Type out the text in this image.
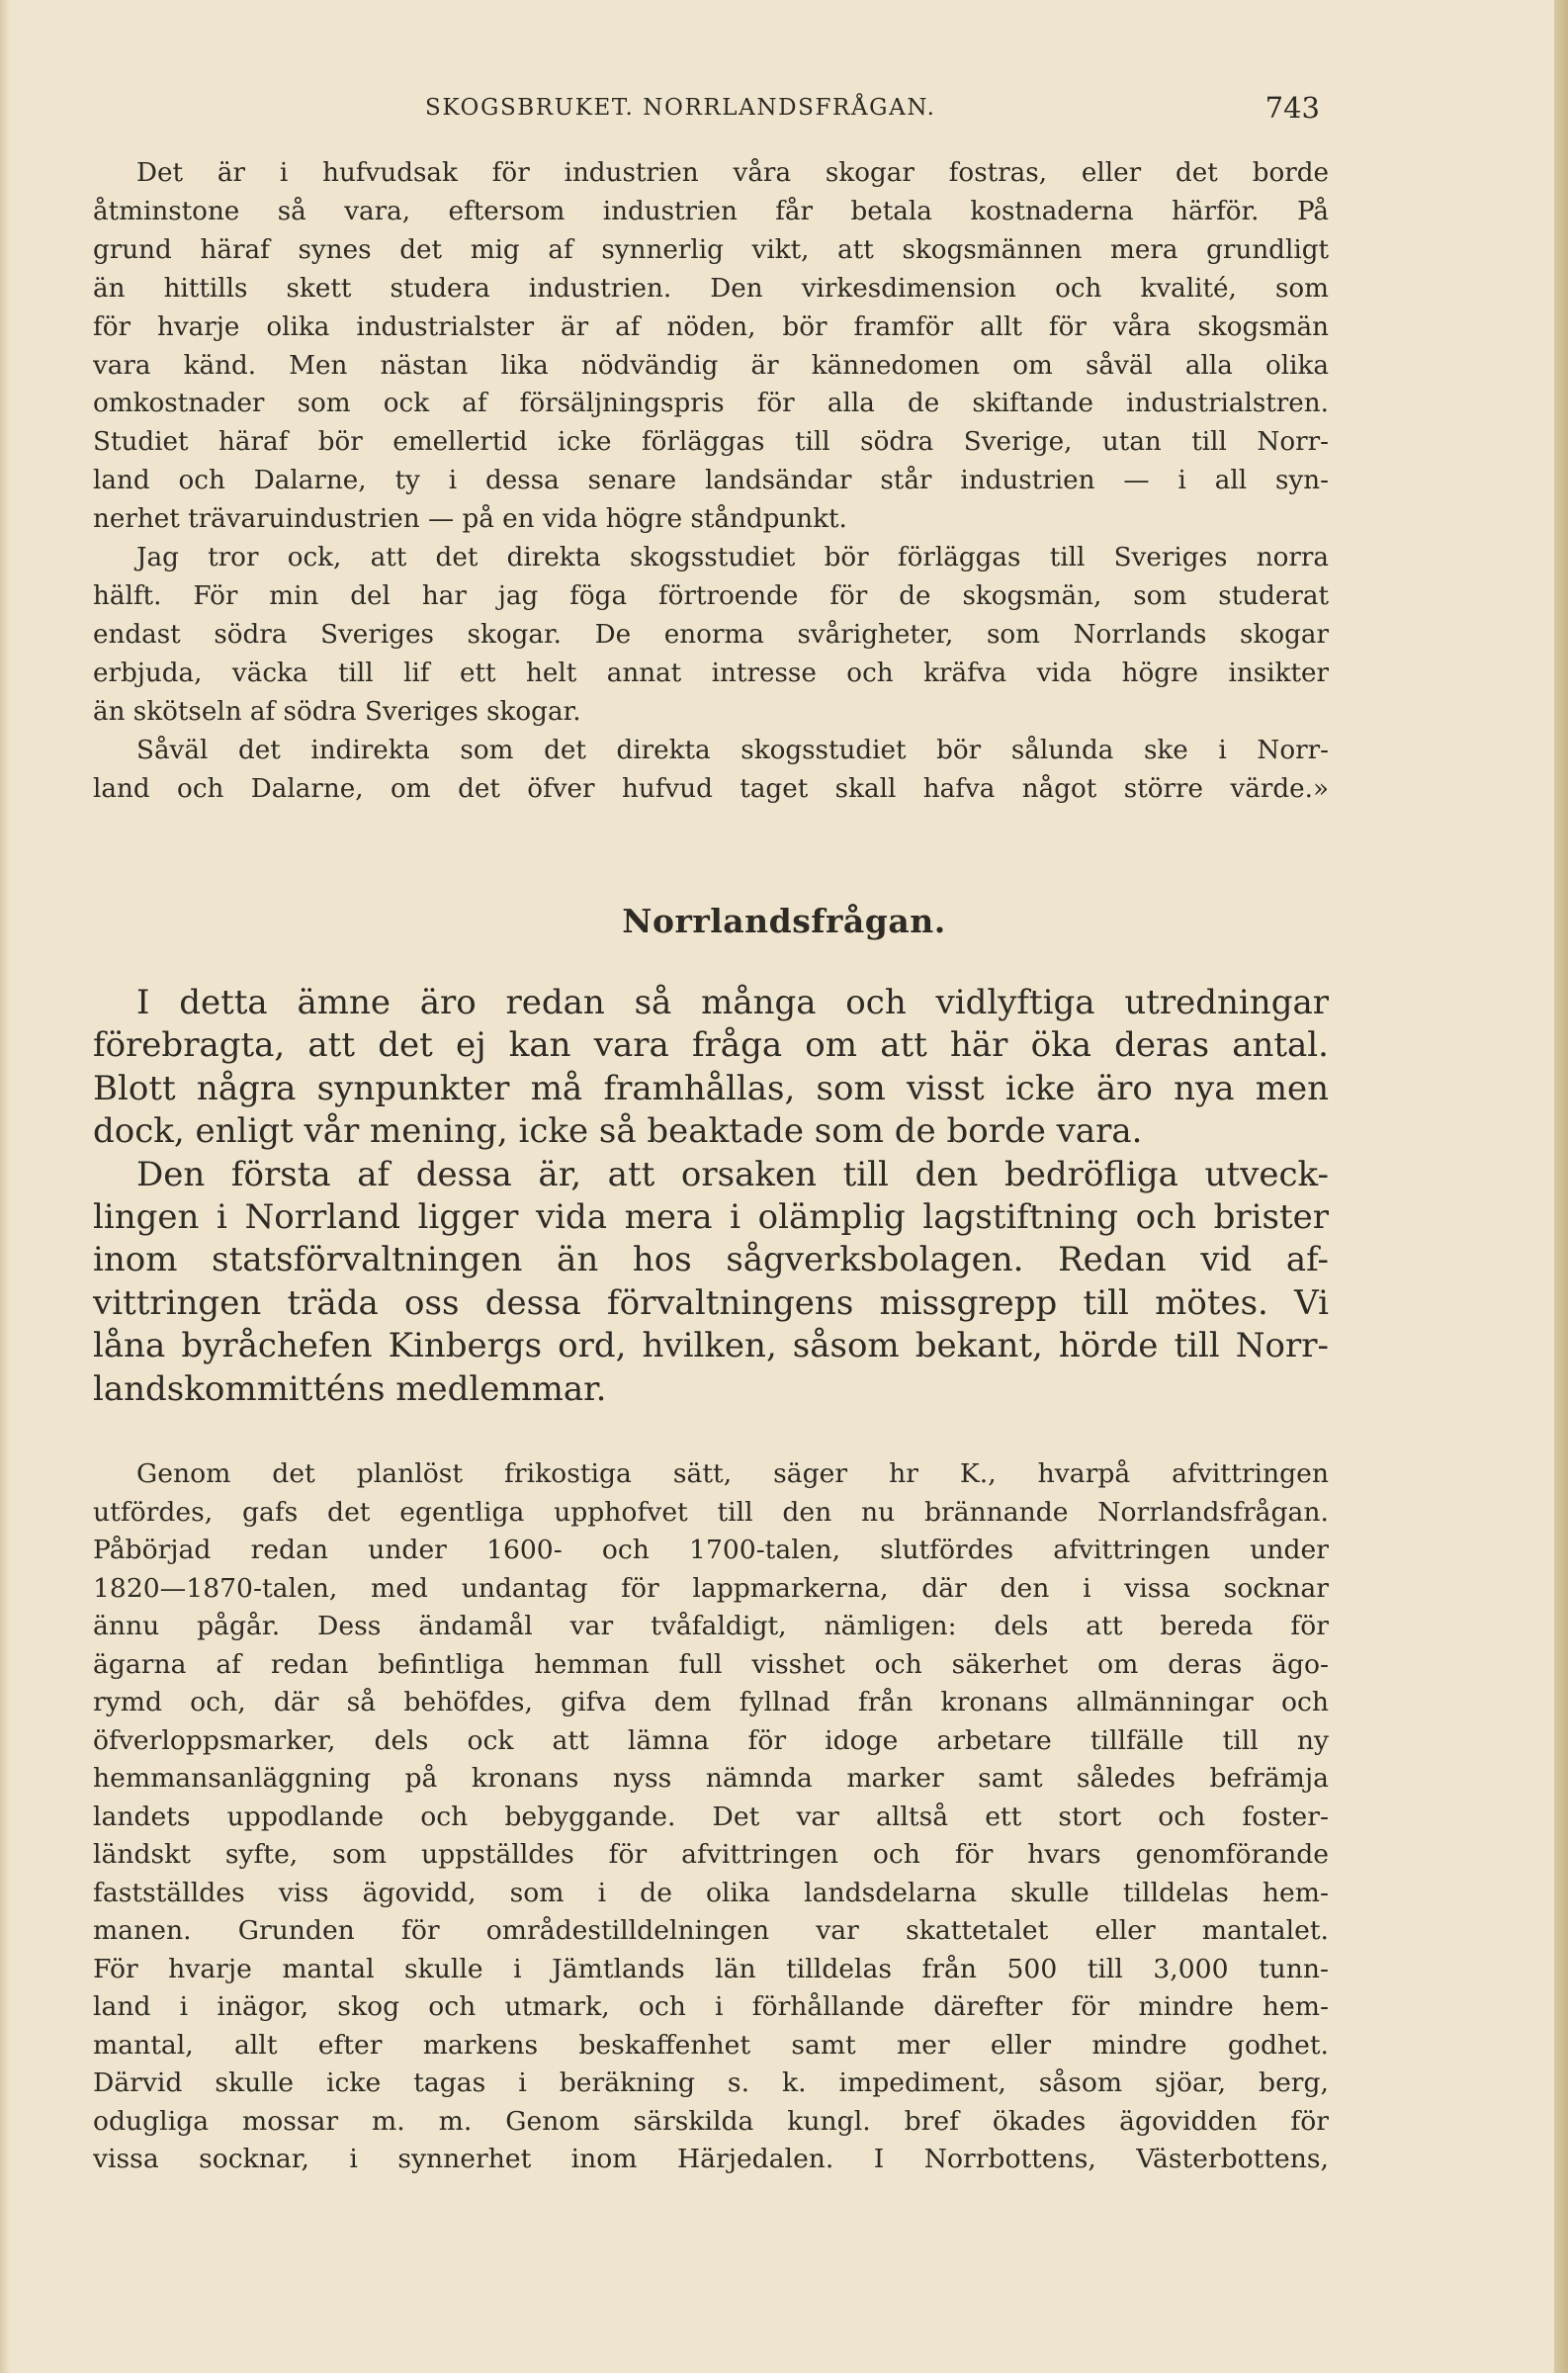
SKOGSBRUKET. NORRLANDSFRÅGAN.	743
Det är i hufvudsak för industrien våra skogar fostras, eller det borde
åtminstone så vara, eftersom industrien får betala kostnaderna härför. På
grund häraf synes det mig af synnerlig vikt, att skogsmännen mera grundligt
än hittills skett studera industrien. Den virkesdimension och kvalité, som
för hvarje olika industrialster är af nöden, bör framför allt för våra skogsmän
vara känd. Men nästan lika nödvändig är kännedomen om såväl alla olika
omkostnader som ock af försäljningspris för alla de skiftande industrialstren.
Studiet häraf bör emellertid icke förläggas till södra Sverige, utan till Norr-
land och Dalarne, ty i dessa senare landsändar står industrien — i all syn-
nerhet trävaruindustrien — på en vida högre ståndpunkt.
Jag tror ock, att det direkta skogsstudiet bör förläggas till Sveriges norra
hälft. För min del har jag föga förtroende för de skogsmän, som studerat
endast södra Sveriges skogar. De enorma svårigheter, som Norrlands skogar
erbjuda, väcka till lif ett helt annat intresse och kräfva vida högre insikter
än skötseln af södra Sveriges skogar.
Såväl det indirekta som det direkta skogsstudiet bör sålunda ske i Norr-
land och Dalarne, om det öfver hufvud taget skall hafva något större värde.»
Norrlandsfrågan.
I detta ämne äro redan så många och vidlyftiga utredningar
förebragta, att det ej kan vara fråga om att här öka deras antal.
Blott några synpunkter må framhållas, som visst icke äro nya men
dock, enligt vår mening, icke så beaktade som de borde vara.
Den första af dessa är, att orsaken till den bedröfliga utveck-
lingen i Norrland ligger vida mera i olämplig lagstiftning och brister
inom statsförvaltningen än hos sågverksbolagen. Redan vid af-
vittringen träda oss dessa förvaltningens missgrepp till mötes. Vi
låna byråchefen Kinbergs ord, hvilken, såsom bekant, hörde till Norr-
landskommitténs medlemmar.
Genom det planlöst frikostiga sätt, säger hr K., hvarpå afvittringen
utfördes, gafs det egentliga upphofvet till den nu brännande Norrlandsfrågan.
Påbörjad redan under 1600- och 1700-talen, slutfördes afvittringen under
1820—1870-talen, med undantag för lappmarkerna, där den i vissa socknar
ännu pågår. Dess ändamål var tvåfaldigt, nämligen: dels att bereda för
ägarna af redan befintliga hemman full visshet och säkerhet om deras ägo-
rymd och, där så behöfdes, gifva dem fyllnad från kronans allmänningar och
öfverloppsmarker, dels ock att lämna för idoge arbetare tillfälle till ny
hemmansanläggning på kronans nyss nämnda marker samt således befrämja
landets uppodlande och bebyggande. Det var alltså ett stort och foster-
ländskt syfte, som uppställdes för afvittringen och för hvars genomförande
fastställdes viss ägovidd, som i de olika landsdelarna skulle tilldelas hem-
manen. Grunden för områdestilldelningen var skattetalet eller mantalet.
För hvarje mantal skulle i Jämtlands län tilldelas från 500 till 3,000 tunn-
land i inägor, skog och utmark, och i förhållande därefter för mindre hem-
mantal, allt efter markens beskaffenhet samt mer eller mindre godhet.
Därvid skulle icke tagas i beräkning s. k. impediment, såsom sjöar, berg,
odugliga mossar m. m. Genom särskilda kungl. bref ökades ägovidden för
vissa socknar, i synnerhet inom Härjedalen. I Norrbottens, Västerbottens,
